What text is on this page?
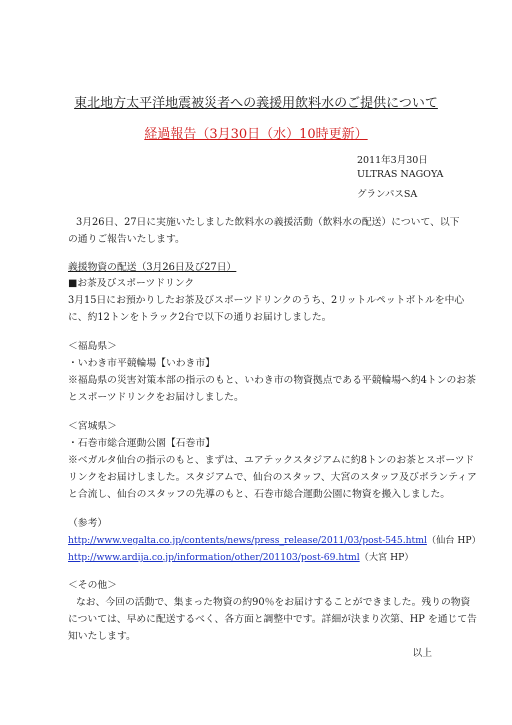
東北地方太平洋地震被災者への義援用飲料水のご提供について
経過報告（3月30日（水）10時更新）
2011年3月30日
ULTRAS NAGOYA
グランパスSA
3月26日、27日に実施いたしました飲料水の義援活動（飲料水の配送）について、以下
の通りご報告いたします。
義援物資の配送（3月26日及び27日）
■お茶及びスポーツドリンク
3月15日にお預かりしたお茶及びスポーツドリンクのうち、2リットルペットボトルを中心
に、約12トンをトラック2台で以下の通りお届けしました。
＜福島県＞
・いわき市平競輪場【いわき市】
※福島県の災害対策本部の指示のもと、いわき市の物資拠点である平競輪場へ約4トンのお茶
とスポーツドリンクをお届けしました。
＜宮城県＞
・石巻市総合運動公園【石巻市】
※ベガルタ仙台の指示のもと、まずは、ユアテックスタジアムに約8トンのお茶とスポーツド
リンクをお届けしました。スタジアムで、仙台のスタッフ、大宮のスタッフ及びボランティア
と合流し、仙台のスタッフの先導のもと、石巻市総合運動公園に物資を搬入しました。
（参考）
http://www.vegalta.co.jp/contents/news/press_release/2011/03/post-545.html（仙台 HP）
http://www.ardija.co.jp/information/other/201103/post-69.html（大宮 HP）
＜その他＞
なお、今回の活動で、集まった物資の約90％をお届けすることができました。残りの物資
については、早めに配送するべく、各方面と調整中です。詳細が決まり次第、HP を通じて告
知いたします。
以上
